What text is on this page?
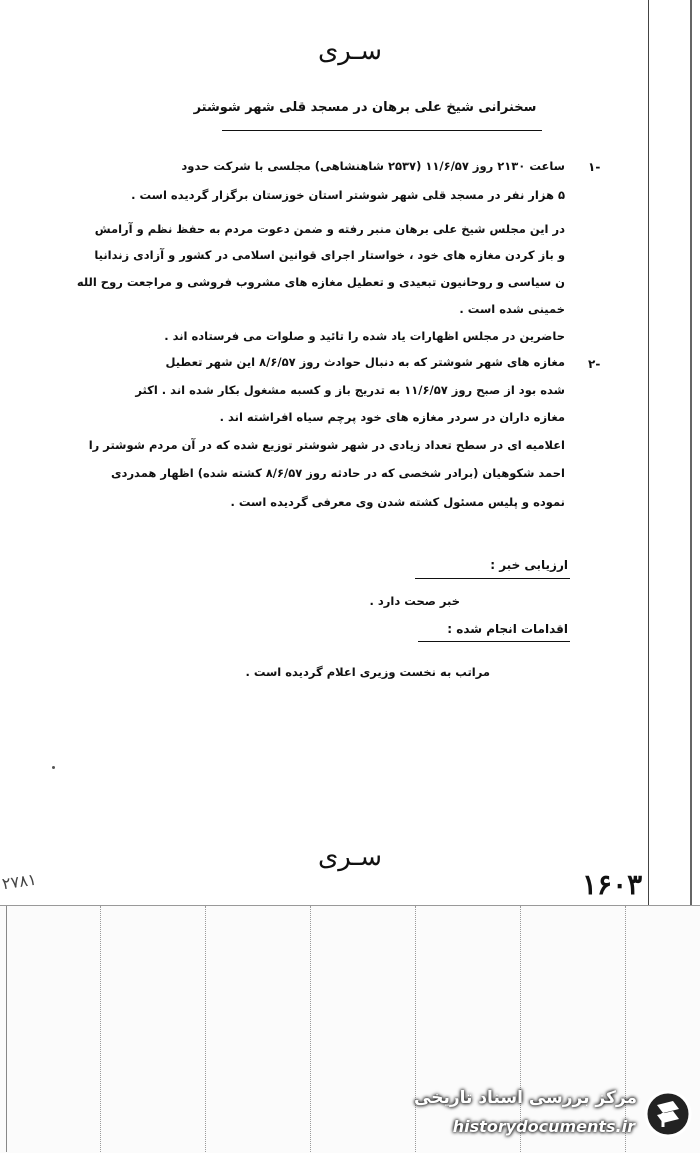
سـری
سخنرانی شیخ علی برهان در مسجد قلی شهر شوشتر
۱-
ساعت ۲۱۳۰ روز ۱۱/۶/۵۷ (۲۵۳۷ شاهنشاهی) مجلسی با شرکت حدود
۵ هزار نفر در مسجد قلی شهر شوشتر استان خوزستان برگزار گردیده است .
در این مجلس شیخ علی برهان منبر رفته و ضمن دعوت مردم به حفظ نظم و آرامش
و باز کردن مغازه های خود ، خواستار اجرای قوانین اسلامی در کشور و آزادی زندانیا
ن سیاسی و روحانیون تبعیدی و تعطیل مغازه های مشروب فروشی و مراجعت روح الله
خمینی شده است .
حاضرین در مجلس اظهارات یاد شده را تائید و صلوات می فرستاده اند .
۲-
مغازه های شهر شوشتر که به دنبال حوادث روز ۸/۶/۵۷ این شهر تعطیل
شده بود از صبح روز ۱۱/۶/۵۷ به تدریج باز و کسبه مشغول بکار شده اند . اکثر
مغازه داران در سردر مغازه های خود پرچم سیاه افراشته اند .
اعلامیه ای در سطح تعداد زیادی در شهر شوشتر توزیع شده که در آن مردم شوشتر را
احمد شکوهیان (برادر شخصی که در حادثه روز ۸/۶/۵۷ کشته شده) اظهار همدردی
نموده و پلیس مسئول کشته شدن وی معرفی گردیده است .
ارزیابی خبر :
خبر صحت دارد .
اقدامات انجام شده :
مراتب به نخست وزیری اعلام گردیده است .
سـری
۱۶۰۳
۲۷۸۱
مرکز بررسی اسناد تاریخی
historydocuments.ir
